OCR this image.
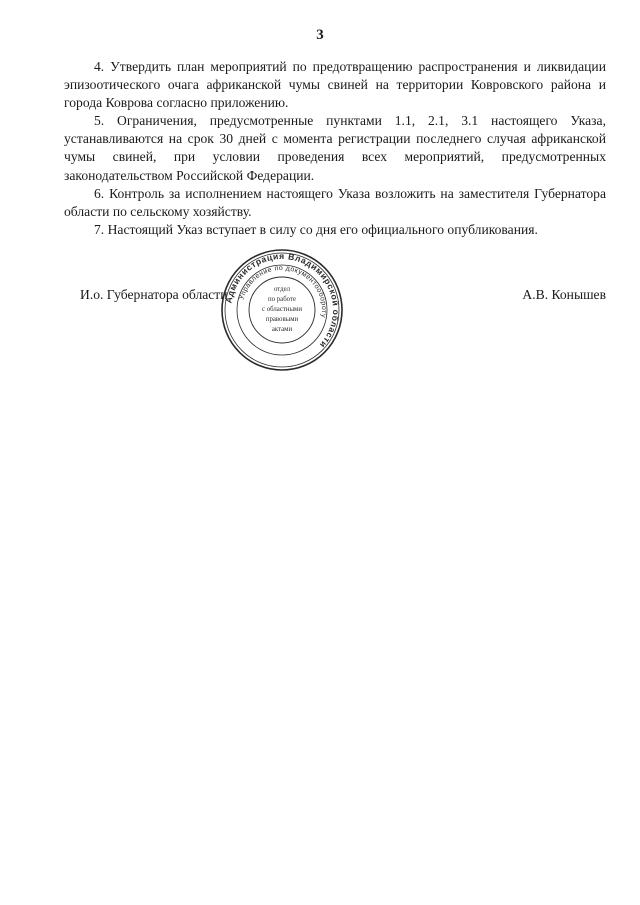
3

4. Утвердить план мероприятий по предотвращению распространения и ликвидации эпизоотического очага африканской чумы свиней на территории Ковровского района и города Коврова согласно приложению.

5. Ограничения, предусмотренные пунктами 1.1, 2.1, 3.1 настоящего Указа, устанавливаются на срок 30 дней с момента регистрации последнего случая африканской чумы свиней, при условии проведения всех мероприятий, предусмотренных законодательством Российской Федерации.

6. Контроль за исполнением настоящего Указа возложить на заместителя Губернатора области по сельскому хозяйству.

7. Настоящий Указ вступает в силу со дня его официального опубликования.

И.о. Губернатора области	А.В. Конышев
Администрация Владимирской области
Управление по документообороту
отдел
по работе
с областными
правовыми
актами
